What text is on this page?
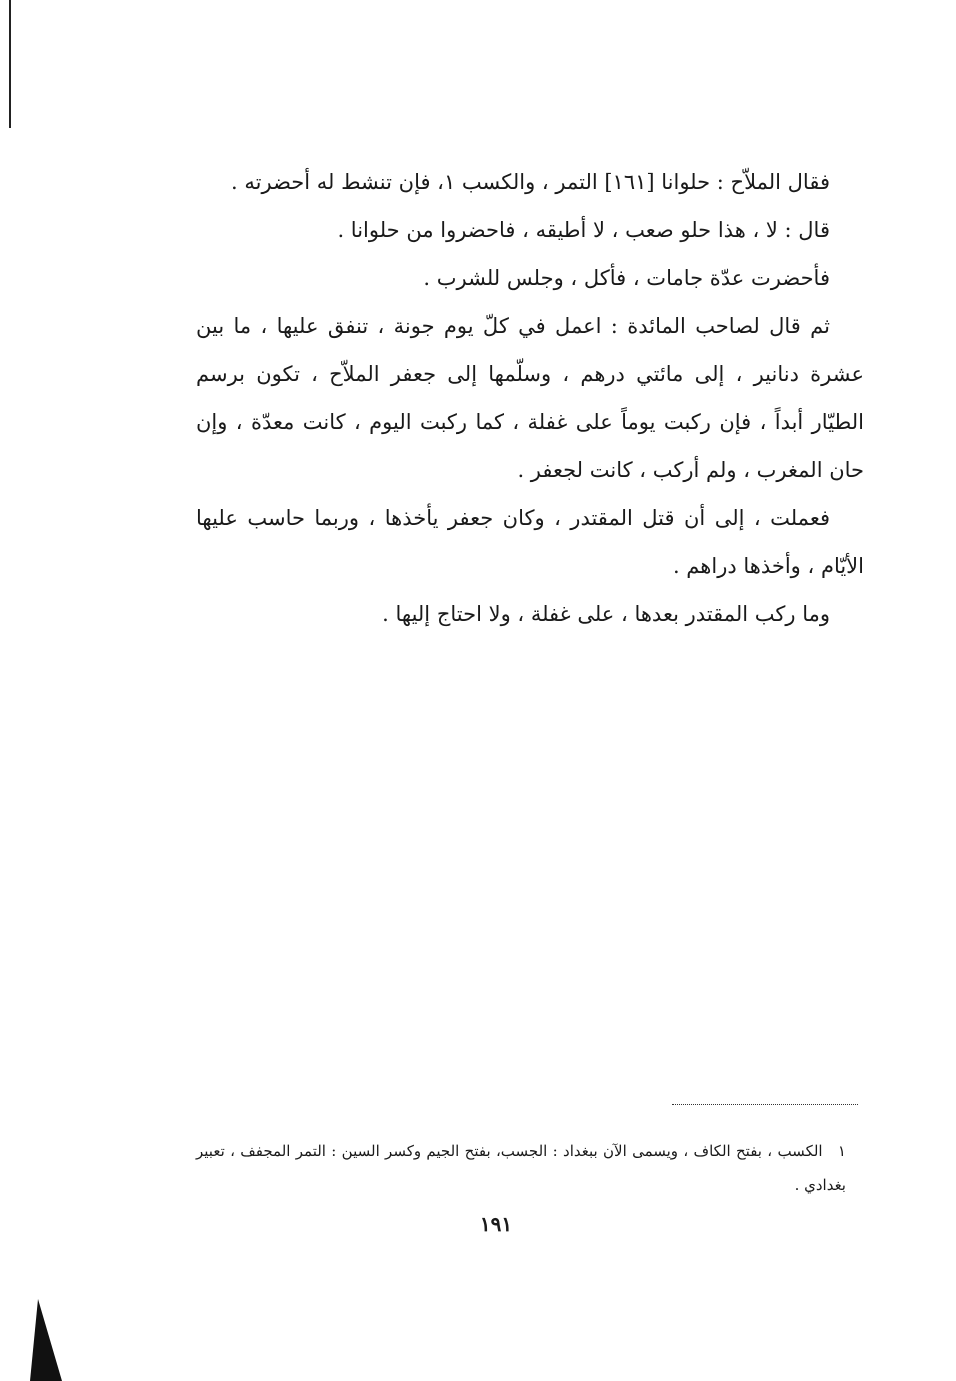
فقال الملاّح : حلوانا [١٦١] التمر ، والكسب ١، فإن تنشط له أحضرته .

قال : لا ، هذا حلو صعب ، لا أطيقه ، فاحضروا من حلوانا .

فأحضرت عدّة جامات ، فأكل ، وجلس للشرب .

ثم قال لصاحب المائدة : اعمل في كلّ يوم جونة ، تنفق عليها ، ما بين عشرة دنانير ، إلى مائتي درهم ، وسلّمها إلى جعفر الملاّح ، تكون برسم الطيّار أبداً ، فإن ركبت يوماً على غفلة ، كما ركبت اليوم ، كانت معدّة ، وإن حان المغرب ، ولم أركب ، كانت لجعفر .

فعملت ، إلى أن قتل المقتدر ، وكان جعفر يأخذها ، وربما حاسب عليها الأيّام ، وأخذها دراهم .

وما ركب المقتدر بعدها ، على غفلة ، ولا احتاج إليها .

١ الكسب ، بفتح الكاف ، ويسمى الآن ببغداد : الجسب، بفتح الجيم وكسر السين : التمر المجفف ، تعبير بغدادي .
١٩١
